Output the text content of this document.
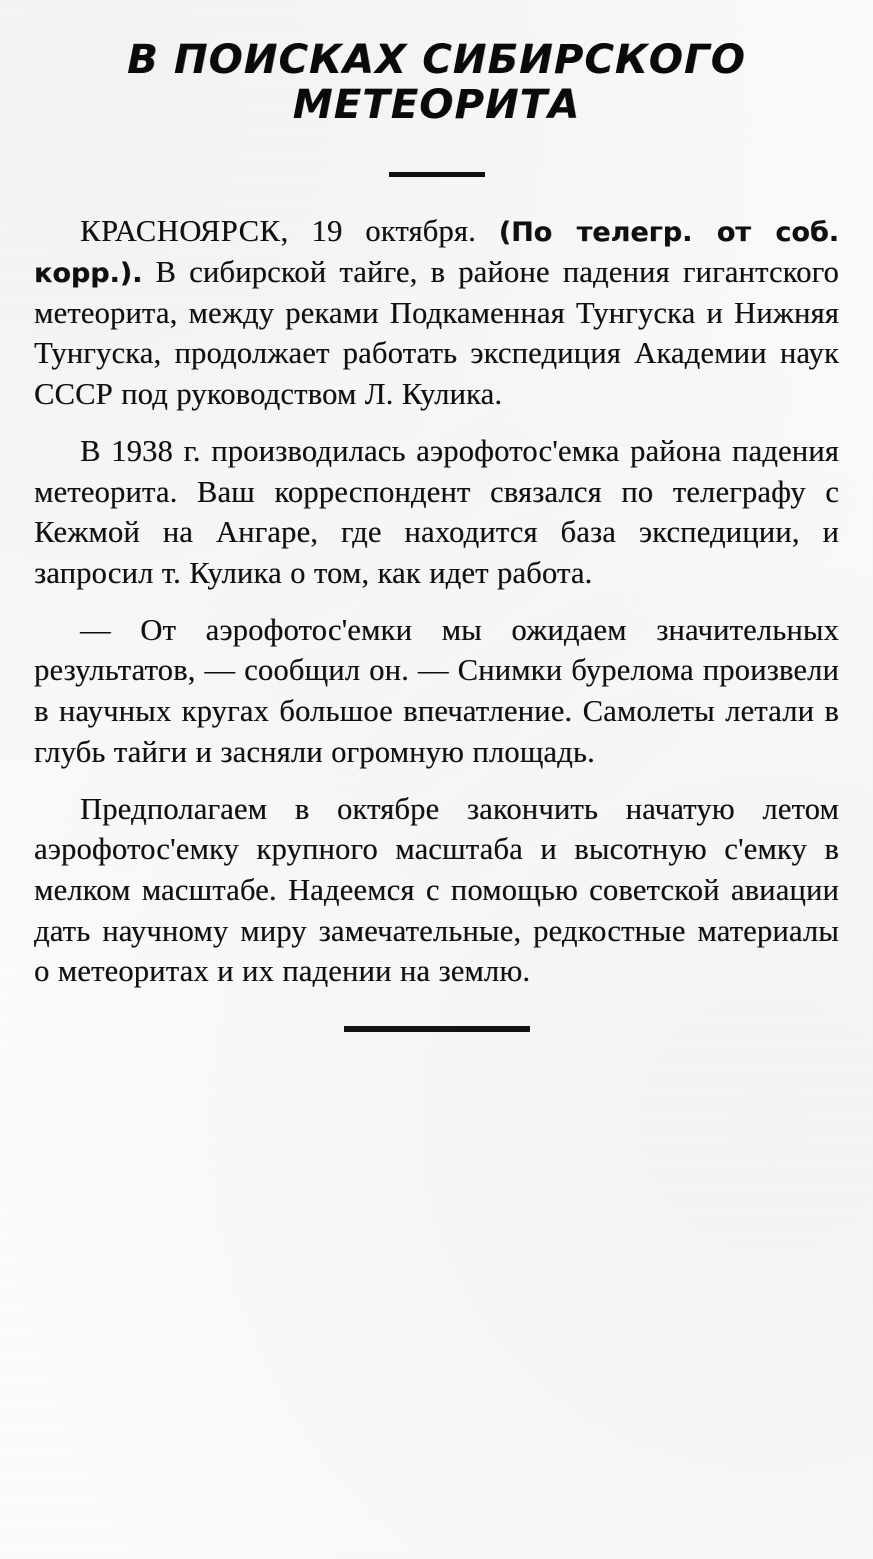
В ПОИСКАХ СИБИРСКОГО
МЕТЕОРИТА

КРАСНОЯРСК, 19 октября. (По телегр. от соб. корр.). В сибирской тайге, в районе падения гигантского метеорита, между реками Подкаменная Тунгуска и Нижняя Тунгуска, продолжает работать экспедиция Академии наук СССР под руководством Л. Кулика.

В 1938 г. производилась аэрофотос'емка района падения метеорита. Ваш корреспондент связался по телеграфу с Кежмой на Ангаре, где находится база экспедиции, и запросил т. Кулика о том, как идет работа.

— От аэрофотос'емки мы ожидаем значительных результатов, — сообщил он. — Снимки бурелома произвели в научных кругах большое впечатление. Самолеты летали в глубь тайги и засняли огромную площадь.

Предполагаем в октябре закончить начатую летом аэрофотос'емку крупного масштаба и высотную с'емку в мелком масштабе. Надеемся с помощью советской авиации дать научному миру замечательные, редкостные материалы о метеоритах и их падении на землю.
